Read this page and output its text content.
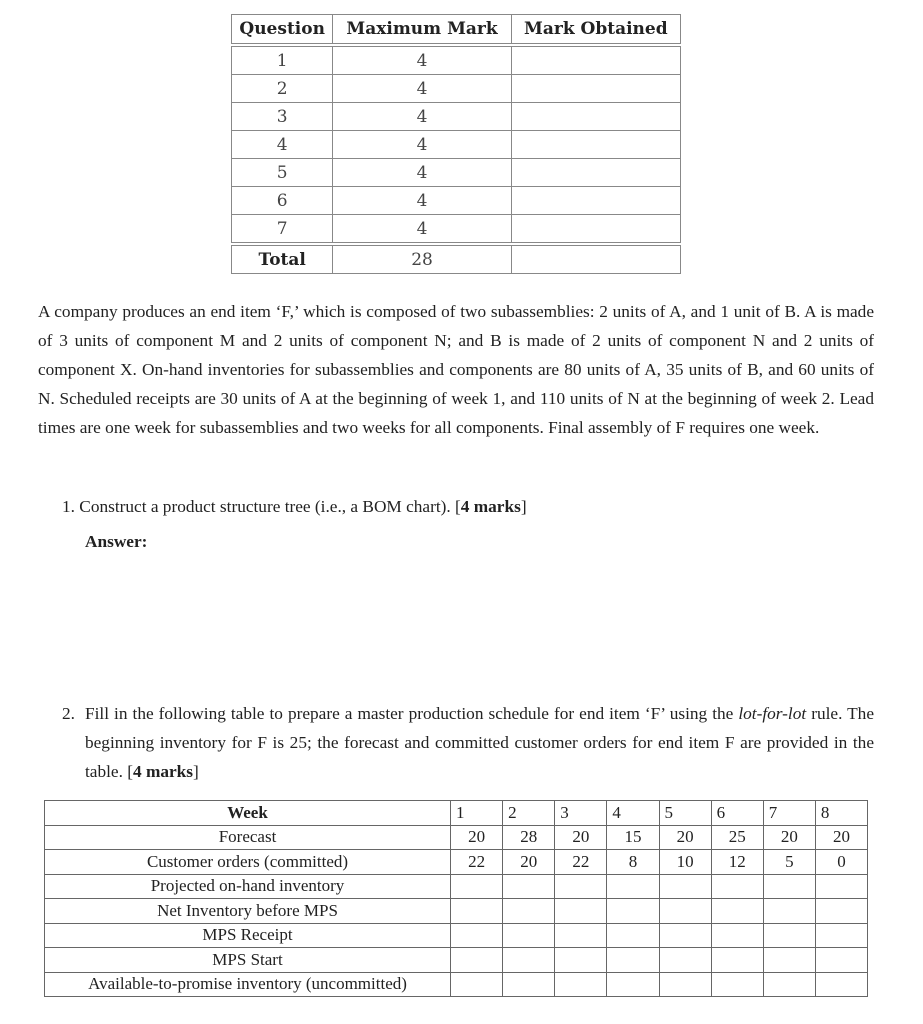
Question	Maximum Mark	Mark Obtained

1	4	
2	4	
3	4	
4	4	
5	4	
6	4	
7	4	

Total	28	
A company produces an end item ‘F,’ which is composed of two subassemblies: 2 units of A, and 1 unit of B. A is made of 3 units of component M and 2 units of component N; and B is made of 2 units of component N and 2 units of component X. On-hand inventories for subassemblies and components are 80 units of A, 35 units of B, and 60 units of N. Scheduled receipts are 30 units of A at the beginning of week 1, and 110 units of N at the beginning of week 2. Lead times are one week for subassemblies and two weeks for all components. Final assembly of F requires one week.
1. Construct a product structure tree (i.e., a BOM chart). [4 marks]
Answer:
2. Fill in the following table to prepare a master production schedule for end item ‘F’ using the lot-for-lot rule. The beginning inventory for F is 25; the forecast and committed customer orders for end item F are provided in the table. [4 marks]
Week	1	2	3	4	5	6	7	8
Forecast	20	28	20	15	20	25	20	20
Customer orders (committed)	22	20	22	8	10	12	5	0
Projected on-hand inventory								
Net Inventory before MPS								
MPS Receipt								
MPS Start								
Available-to-promise inventory (uncommitted)								
